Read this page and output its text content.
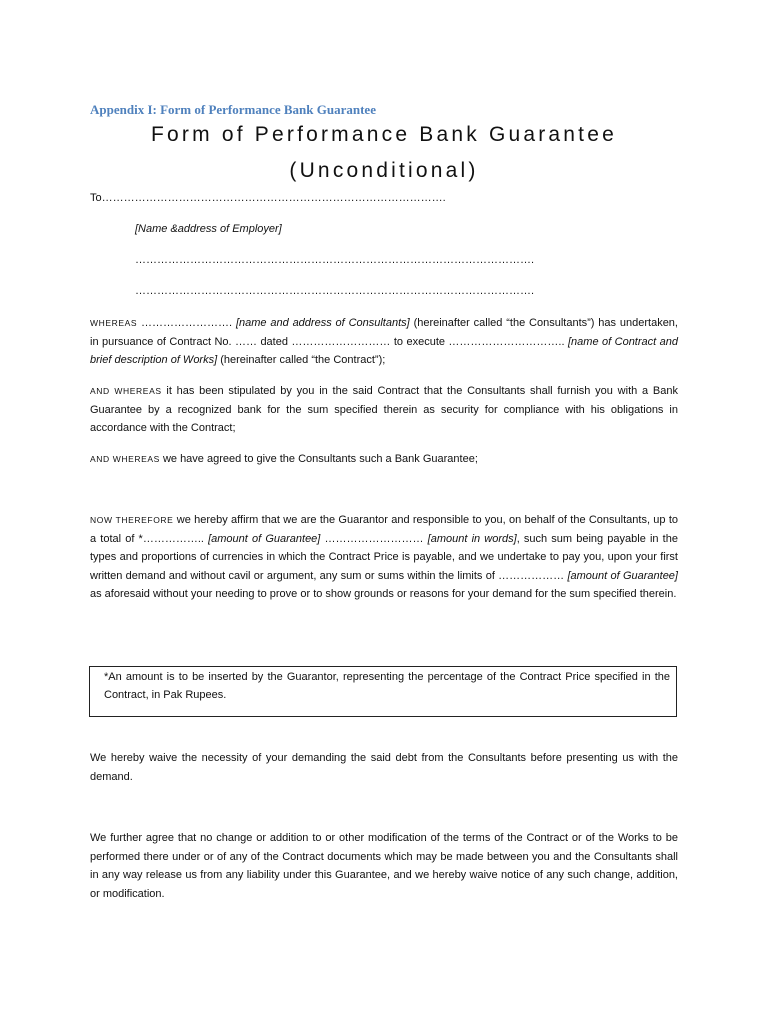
Appendix I: Form of Performance Bank Guarantee
Form of Performance Bank Guarantee
(Unconditional)
To………………………………………………………………………………….
[Name &address of Employer]
……………………………………………………………………………………………….
……………………………………………………………………………………………….
WHEREAS ……………………. [name and address of Consultants] (hereinafter called “the Consultants”) has undertaken, in pursuance of Contract No. …… dated ……………………… to execute ………………………….. [name of Contract and brief description of Works] (hereinafter called “the Contract”);
AND WHEREAS it has been stipulated by you in the said Contract that the Consultants shall furnish you with a Bank Guarantee by a recognized bank for the sum specified therein as security for compliance with his obligations in accordance with the Contract;
AND WHEREAS we have agreed to give the Consultants such a Bank Guarantee;
NOW THEREFORE we hereby affirm that we are the Guarantor and responsible to you, on behalf of the Consultants, up to a total of *…………….. [amount of Guarantee] ……………………… [amount in words], such sum being payable in the types and proportions of currencies in which the Contract Price is payable, and we undertake to pay you, upon your first written demand and without cavil or argument, any sum or sums within the limits of ……………… [amount of Guarantee] as aforesaid without your needing to prove or to show grounds or reasons for your demand for the sum specified therein.
*An amount is to be inserted by the Guarantor, representing the percentage of the Contract Price specified in the Contract, in Pak Rupees.
We hereby waive the necessity of your demanding the said debt from the Consultants before presenting us with the demand.
We further agree that no change or addition to or other modification of the terms of the Contract or of the Works to be performed there under or of any of the Contract documents which may be made between you and the Consultants shall in any way release us from any liability under this Guarantee, and we hereby waive notice of any such change, addition, or modification.
